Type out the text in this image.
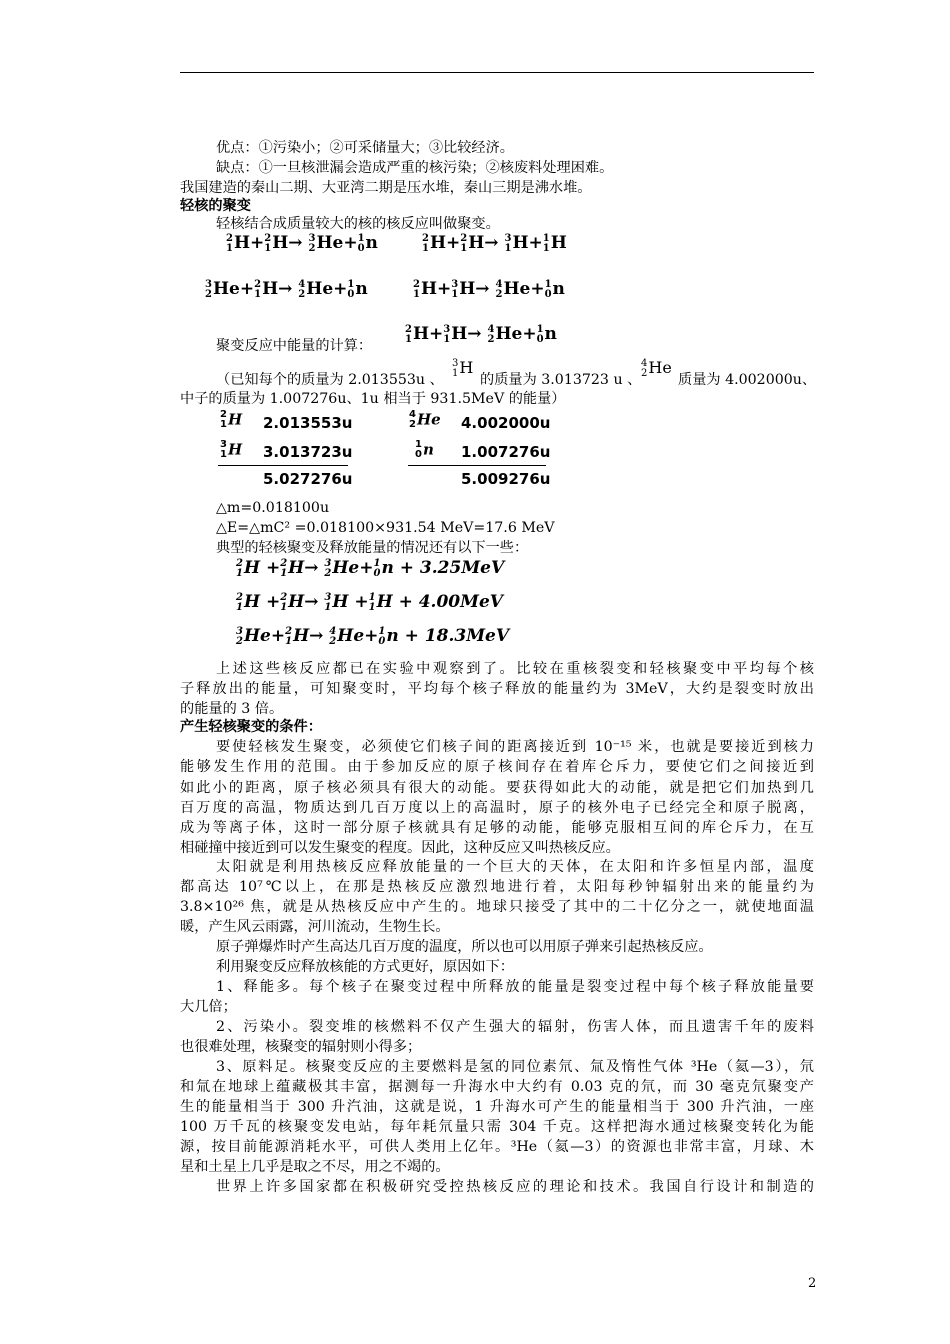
优点：①污染小；②可采储量大；③比较经济。
缺点：①一旦核泄漏会造成严重的核污染；②核废料处理困难。
我国建造的秦山二期、大亚湾二期是压水堆，秦山三期是沸水堆。
轻核的聚变
轻核结合成质量较大的核的核反应叫做聚变。
2
1 H+ 2
1 H→ 3
2 He+ 1
0 n	2
1 H+ 2
1 H→ 3
1 H+ 1
1 H
3
2 He+ 2
1 H→ 4
2 He+ 1
0 n	2
1 H+ 3
1 H→ 4
2 He+ 1
0 n
聚变反应中能量的计算：
2
1 H+ 3
1 H→ 4
2 He+ 1
0 n
（已知每个的质量为 2.013553u 、
3
1 H
的质量为 3.013723 u 、
4
2 He
质量为 4.002000u、
中子的质量为 1.007276u、1u 相当于 931.5MeV 的能量）
2
1 H 2.013553u
3
1 H 3.013723u
5.027276u
4
2 He 4.002000u
1
0 n 1.007276u
5.009276u
△m=0.018100u
△E=△mC² =0.018100×931.54 MeV=17.6 MeV
典型的轻核聚变及释放能量的情况还有以下一些：
2
1 H + 2
1 H→ 3
2 He+ 1
0 n + 3.25MeV
2
1 H + 2
1 H→ 3
1 H + 1
1 H + 4.00MeV
3
2 He+ 2
1 H→ 4
2 He+ 1
0 n + 18.3MeV
上述这些核反应都已在实验中观察到了。比较在重核裂变和轻核聚变中平均每个核
子释放出的能量，可知聚变时，平均每个核子释放的能量约为 3MeV，大约是裂变时放出
的能量的 3 倍。
产生轻核聚变的条件：
要使轻核发生聚变，必须使它们核子间的距离接近到 10⁻¹⁵ 米，也就是要接近到核力
能够发生作用的范围。由于参加反应的原子核间存在着库仑斥力，要使它们之间接近到
如此小的距离，原子核必须具有很大的动能。要获得如此大的动能，就是把它们加热到几
百万度的高温，物质达到几百万度以上的高温时，原子的核外电子已经完全和原子脱离，
成为等离子体，这时一部分原子核就具有足够的动能，能够克服相互间的库仑斥力，在互
相碰撞中接近到可以发生聚变的程度。因此，这种反应又叫热核反应。
太阳就是利用热核反应释放能量的一个巨大的天体，在太阳和许多恒星内部，温度
都高达 10⁷℃以上，在那是热核反应激烈地进行着，太阳每秒钟辐射出来的能量约为
3.8×10²⁶ 焦，就是从热核反应中产生的。地球只接受了其中的二十亿分之一，就使地面温
暖，产生风云雨露，河川流动，生物生长。
原子弹爆炸时产生高达几百万度的温度，所以也可以用原子弹来引起热核反应。
利用聚变反应释放核能的方式更好，原因如下：
1、释能多。每个核子在聚变过程中所释放的能量是裂变过程中每个核子释放能量要
大几倍；
2、污染小。裂变堆的核燃料不仅产生强大的辐射，伤害人体，而且遗害千年的废料
也很难处理，核聚变的辐射则小得多；
3、原料足。核聚变反应的主要燃料是氢的同位素氘、氚及惰性气体 ³He（氦—3），氘
和氚在地球上蕴藏极其丰富，据测每一升海水中大约有 0.03 克的氘，而 30 毫克氘聚变产
生的能量相当于 300 升汽油，这就是说，1 升海水可产生的能量相当于 300 升汽油，一座
100 万千瓦的核聚变发电站，每年耗氘量只需 304 千克。这样把海水通过核聚变转化为能
源，按目前能源消耗水平，可供人类用上亿年。³He（氦—3）的资源也非常丰富，月球、木
星和土星上几乎是取之不尽，用之不竭的。
世界上许多国家都在积极研究受控热核反应的理论和技术。我国自行设计和制造的
2
